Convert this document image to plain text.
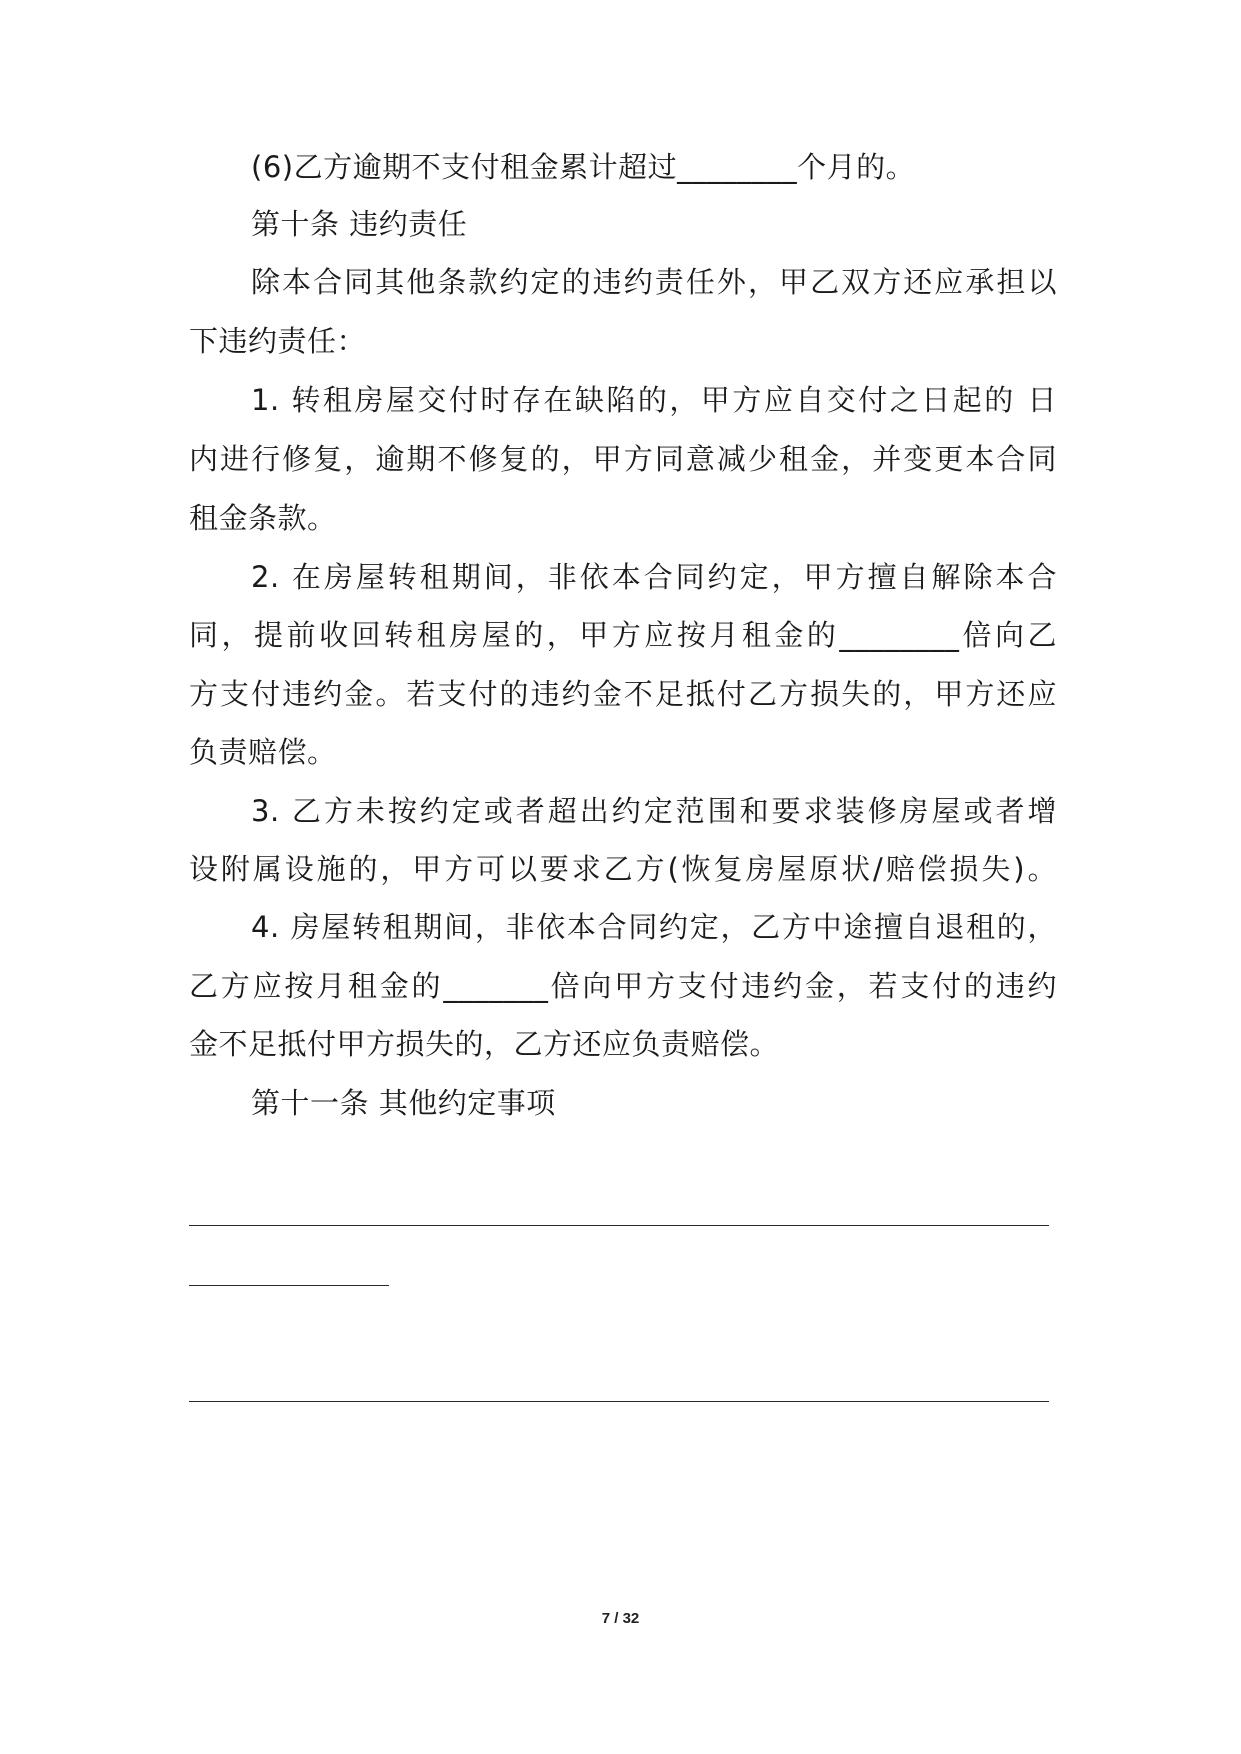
(6)乙方逾期不支付租金累计超过________个月的。
第十条 违约责任
除本合同其他条款约定的违约责任外，甲乙双方还应承担以
下违约责任：
1. 转租房屋交付时存在缺陷的，甲方应自交付之日起的 日
内进行修复，逾期不修复的，甲方同意减少租金，并变更本合同
租金条款。
2. 在房屋转租期间，非依本合同约定，甲方擅自解除本合
同，提前收回转租房屋的，甲方应按月租金的________倍向乙
方支付违约金。若支付的违约金不足抵付乙方损失的，甲方还应
负责赔偿。
3. 乙方未按约定或者超出约定范围和要求装修房屋或者增
设附属设施的，甲方可以要求乙方(恢复房屋原状/赔偿损失)。
4. 房屋转租期间，非依本合同约定，乙方中途擅自退租的，
乙方应按月租金的_______倍向甲方支付违约金，若支付的违约
金不足抵付甲方损失的，乙方还应负责赔偿。
第十一条 其他约定事项
7 / 32
